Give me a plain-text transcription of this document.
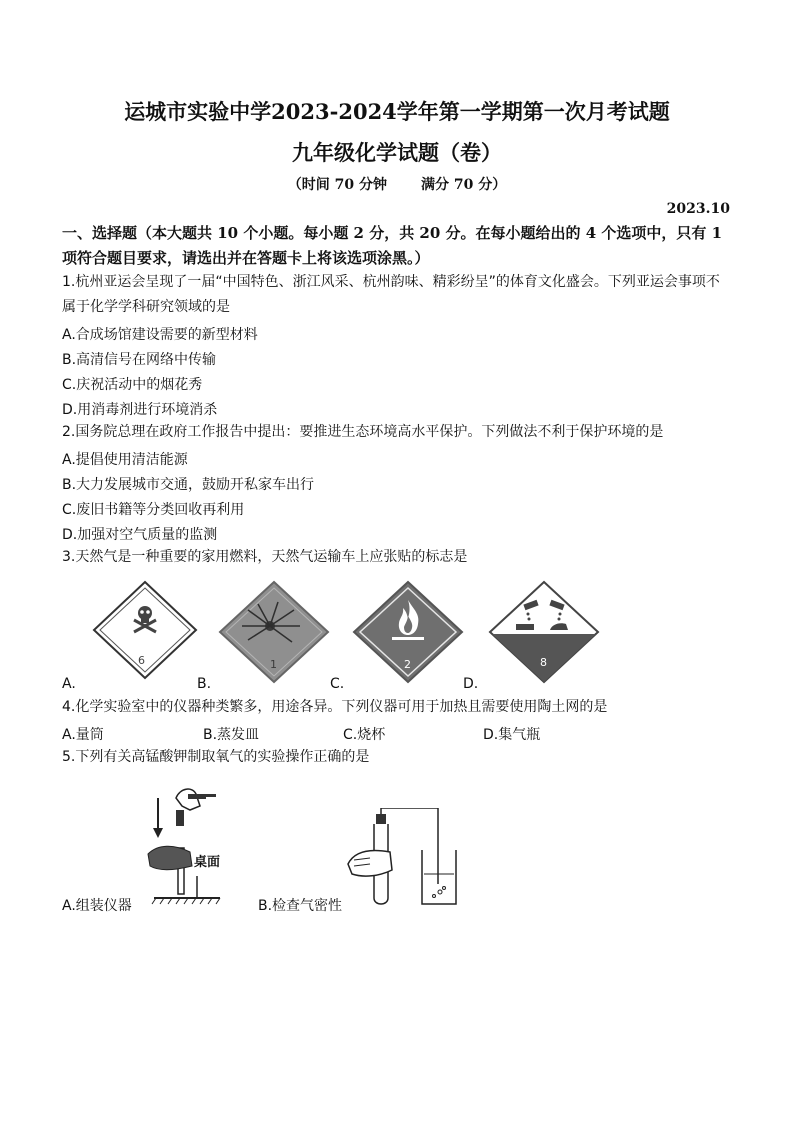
运城市实验中学2023-2024学年第一学期第一次月考试题
九年级化学试题（卷）
（时间 70 分钟 满分 70 分）
2023.10
一、选择题（本大题共 10 个小题。每小题 2 分，共 20 分。在每小题给出的 4 个选项中，只有 1 项符合题目要求，请选出并在答题卡上将该选项涂黑。）
1.杭州亚运会呈现了一届“中国特色、浙江风采、杭州韵味、精彩纷呈”的体育文化盛会。下列亚运会事项不属于化学学科研究领域的是
A.合成场馆建设需要的新型材料
B.高清信号在网络中传输
C.庆祝活动中的烟花秀
D.用消毒剂进行环境消杀
2.国务院总理在政府工作报告中提出：要推进生态环境高水平保护。下列做法不利于保护环境的是
A.提倡使用清洁能源
B.大力发展城市交通，鼓励开私家车出行
C.废旧书籍等分类回收再利用
D.加强对空气质量的监测
3.天然气是一种重要的家用燃料，天然气运输车上应张贴的标志是
6
A.
1
B.
2
C.
8
D.
4.化学实验室中的仪器种类繁多，用途各异。下列仪器可用于加热且需要使用陶土网的是
A.量筒	B.蒸发皿	C.烧杯	D.集气瓶
5.下列有关高锰酸钾制取氧气的实验操作正确的是
桌面
A.组装仪器	B.检查气密性
